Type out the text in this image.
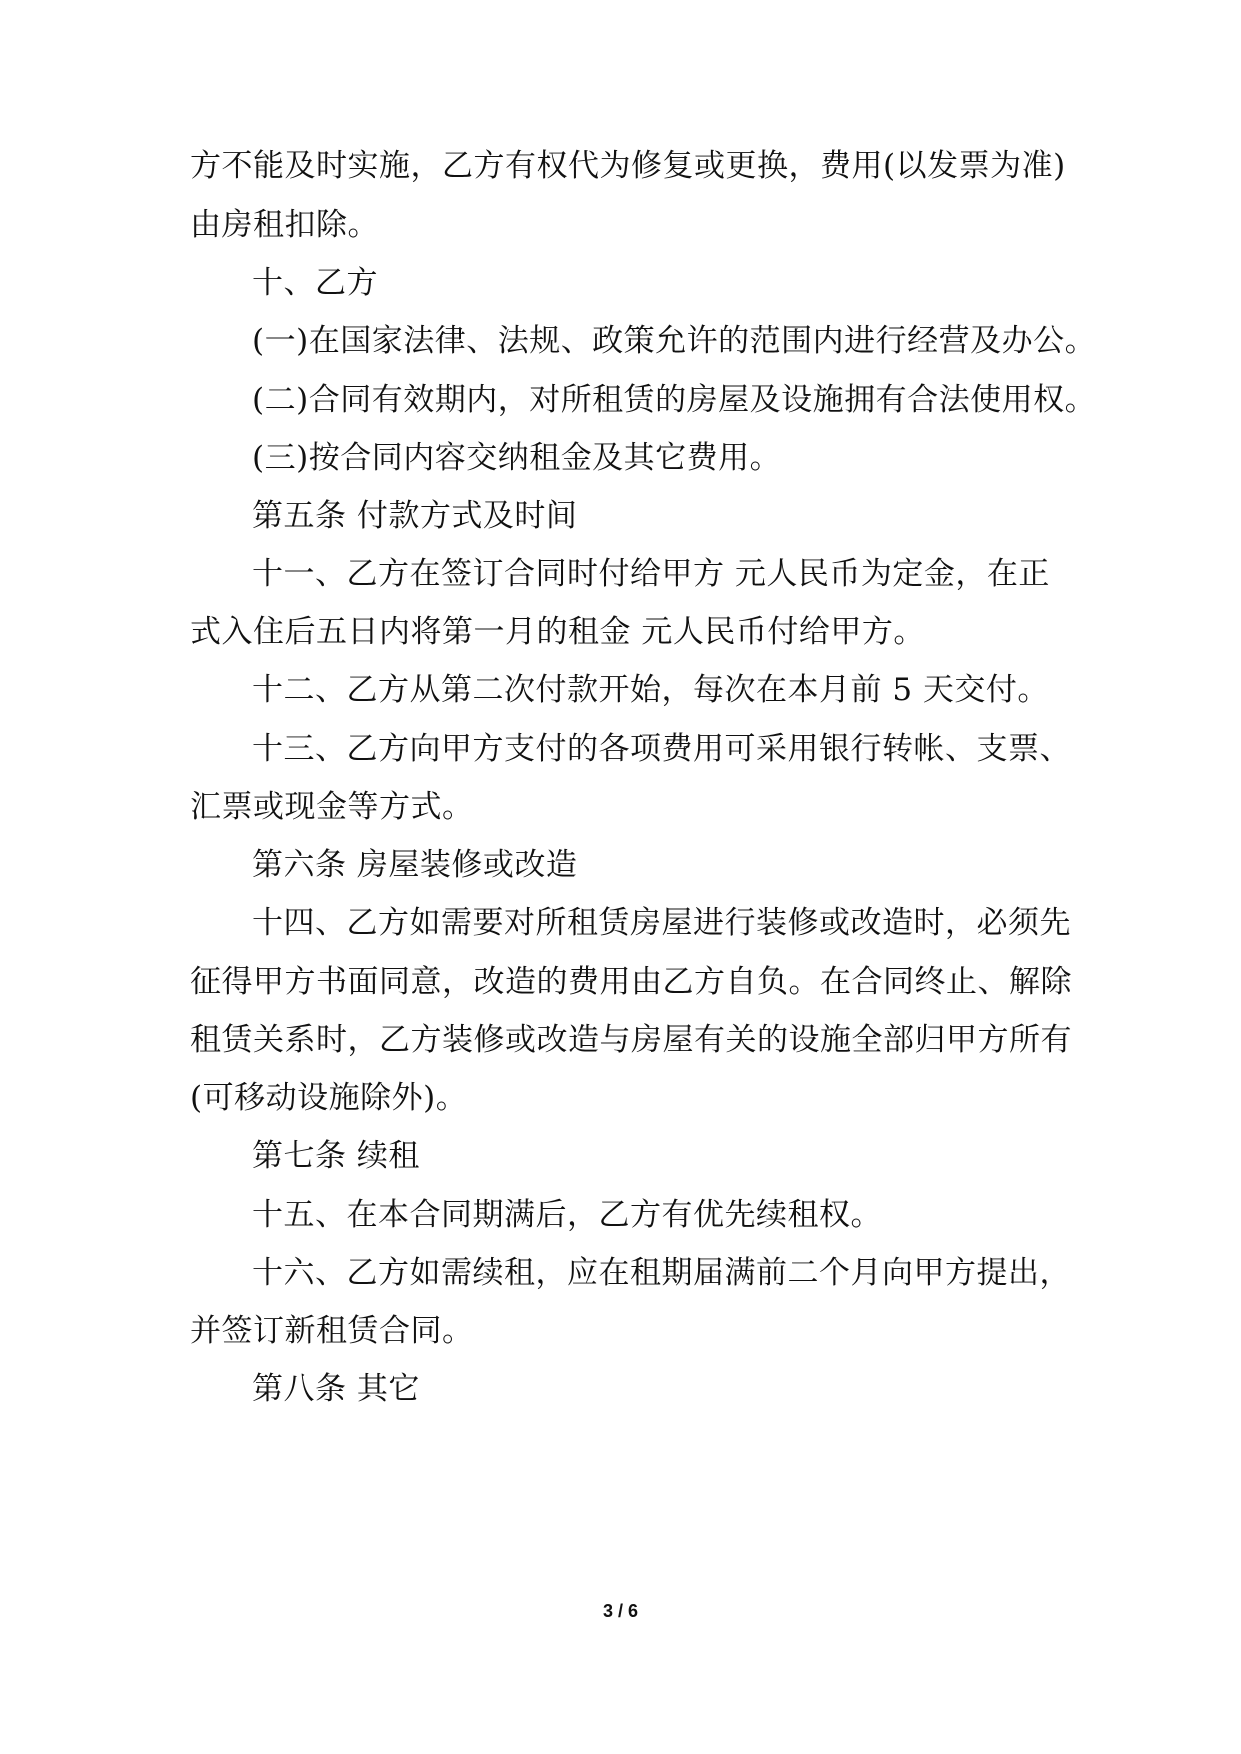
方不能及时实施，乙方有权代为修复或更换，费用(以发票为准)
由房租扣除。
十、乙方
(一)在国家法律、法规、政策允许的范围内进行经营及办公。
(二)合同有效期内，对所租赁的房屋及设施拥有合法使用权。
(三)按合同内容交纳租金及其它费用。
第五条 付款方式及时间
十一、乙方在签订合同时付给甲方 元人民币为定金，在正
式入住后五日内将第一月的租金 元人民币付给甲方。
十二、乙方从第二次付款开始，每次在本月前 5 天交付。
十三、乙方向甲方支付的各项费用可采用银行转帐、支票、
汇票或现金等方式。
第六条 房屋装修或改造
十四、乙方如需要对所租赁房屋进行装修或改造时，必须先
征得甲方书面同意，改造的费用由乙方自负。在合同终止、解除
租赁关系时，乙方装修或改造与房屋有关的设施全部归甲方所有
(可移动设施除外)。
第七条 续租
十五、在本合同期满后，乙方有优先续租权。
十六、乙方如需续租，应在租期届满前二个月向甲方提出，
并签订新租赁合同。
第八条 其它
3 / 6
